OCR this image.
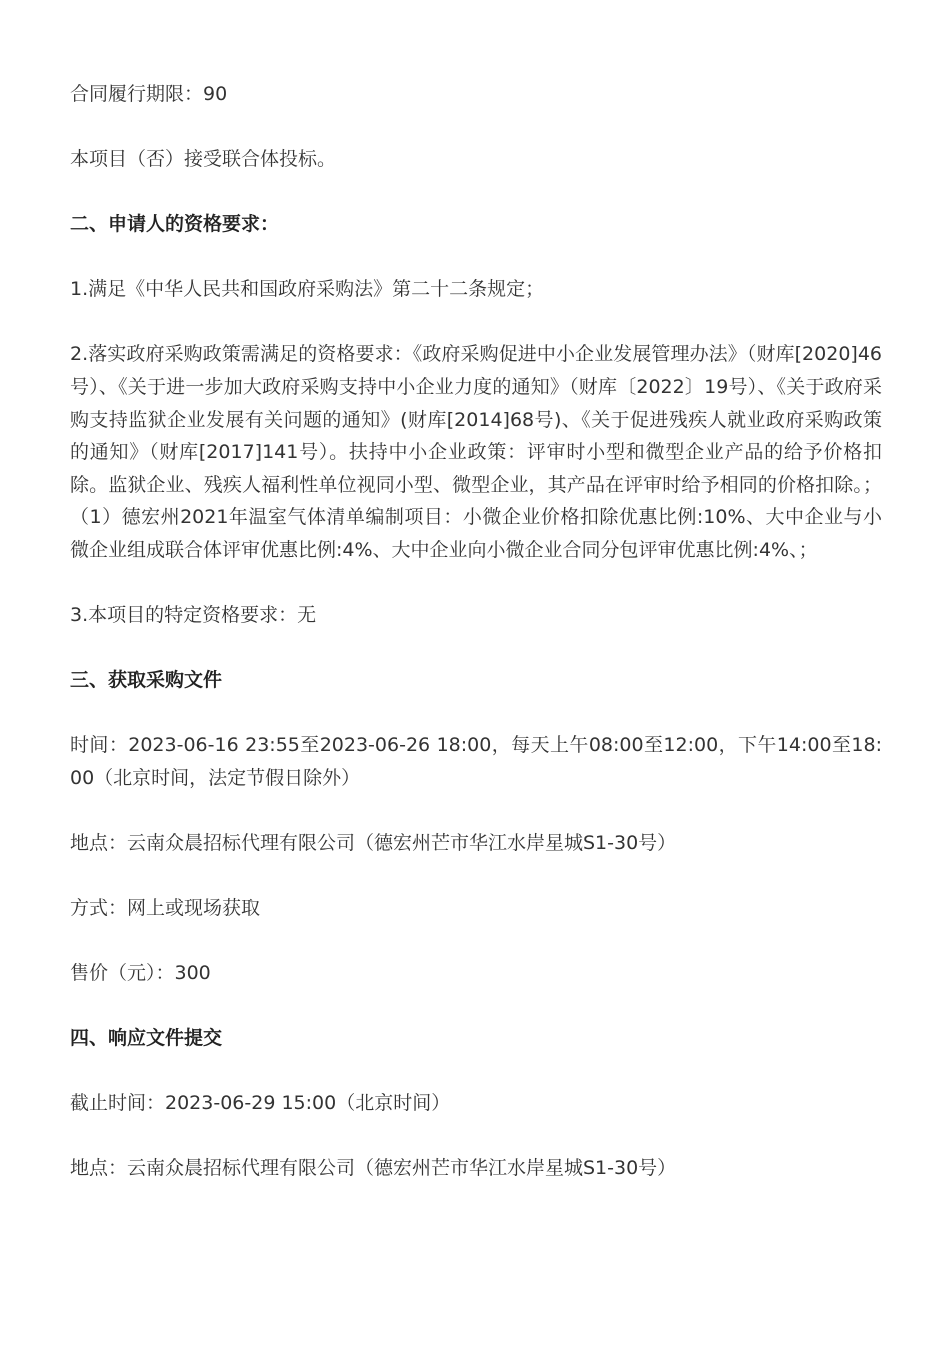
合同履行期限：90
本项目（否）接受联合体投标。
二、申请人的资格要求：
1.满足《中华人民共和国政府采购法》第二十二条规定；
2.落实政府采购政策需满足的资格要求：《政府采购促进中小企业发展管理办法》（财库[2020]46号）、《关于进一步加大政府采购支持中小企业力度的通知》（财库〔2022〕19号）、《关于政府采购支持监狱企业发展有关问题的通知》(财库[2014]68号)、《关于促进残疾人就业政府采购政策的通知》（财库[2017]141号）。扶持中小企业政策：评审时小型和微型企业产品的给予价格扣除。监狱企业、残疾人福利性单位视同小型、微型企业，其产品在评审时给予相同的价格扣除。；（1）德宏州2021年温室气体清单编制项目：小微企业价格扣除优惠比例:10%、大中企业与小微企业组成联合体评审优惠比例:4%、大中企业向小微企业合同分包评审优惠比例:4%、；
3.本项目的特定资格要求：无
三、获取采购文件
时间：2023-06-16 23:55至2023-06-26 18:00，每天上午08:00至12:00，下午14:00至18:00（北京时间，法定节假日除外）
地点：云南众晨招标代理有限公司（德宏州芒市华江水岸星城S1-30号）
方式：网上或现场获取
售价（元）：300
四、响应文件提交
截止时间：2023-06-29 15:00（北京时间）
地点：云南众晨招标代理有限公司（德宏州芒市华江水岸星城S1-30号）
